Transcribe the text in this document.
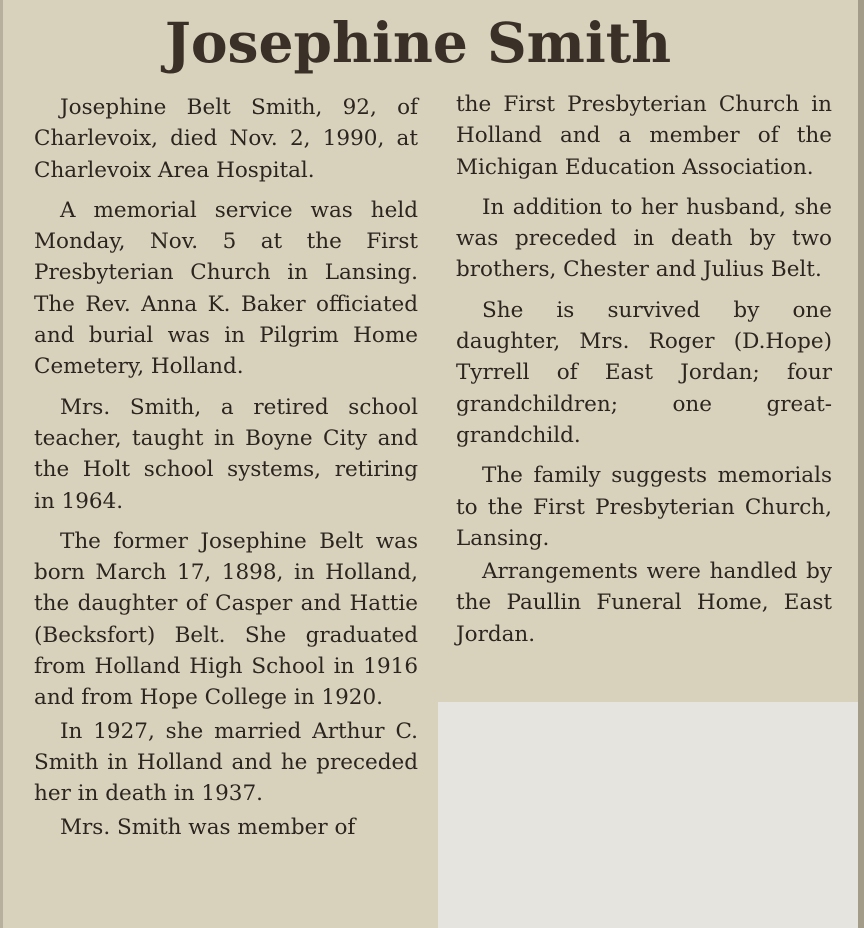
Josephine Smith

Josephine Belt Smith, 92, of Charlevoix, died Nov. 2, 1990, at Charlevoix Area Hospital.

A memorial service was held Monday, Nov. 5 at the First Presbyterian Church in Lansing. The Rev. Anna K. Baker officiated and burial was in Pilgrim Home Cemetery, Holland.

Mrs. Smith, a retired school teacher, taught in Boyne City and the Holt school systems, retiring in 1964.

The former Josephine Belt was born March 17, 1898, in Holland, the daughter of Casper and Hattie (Becksfort) Belt. She graduated from Holland High School in 1916 and from Hope College in 1920.

In 1927, she married Arthur C. Smith in Holland and he preceded her in death in 1937.

Mrs. Smith was member of

the First Presbyterian Church in Holland and a member of the Michigan Education Association.

In addition to her husband, she was preceded in death by two brothers, Chester and Julius Belt.

She is survived by one daughter, Mrs. Roger (D.Hope) Tyrrell of East Jordan; four grandchildren; one great-grandchild.

The family suggests memorials to the First Presbyterian Church, Lansing.

Arrangements were handled by the Paullin Funeral Home, East Jordan.
